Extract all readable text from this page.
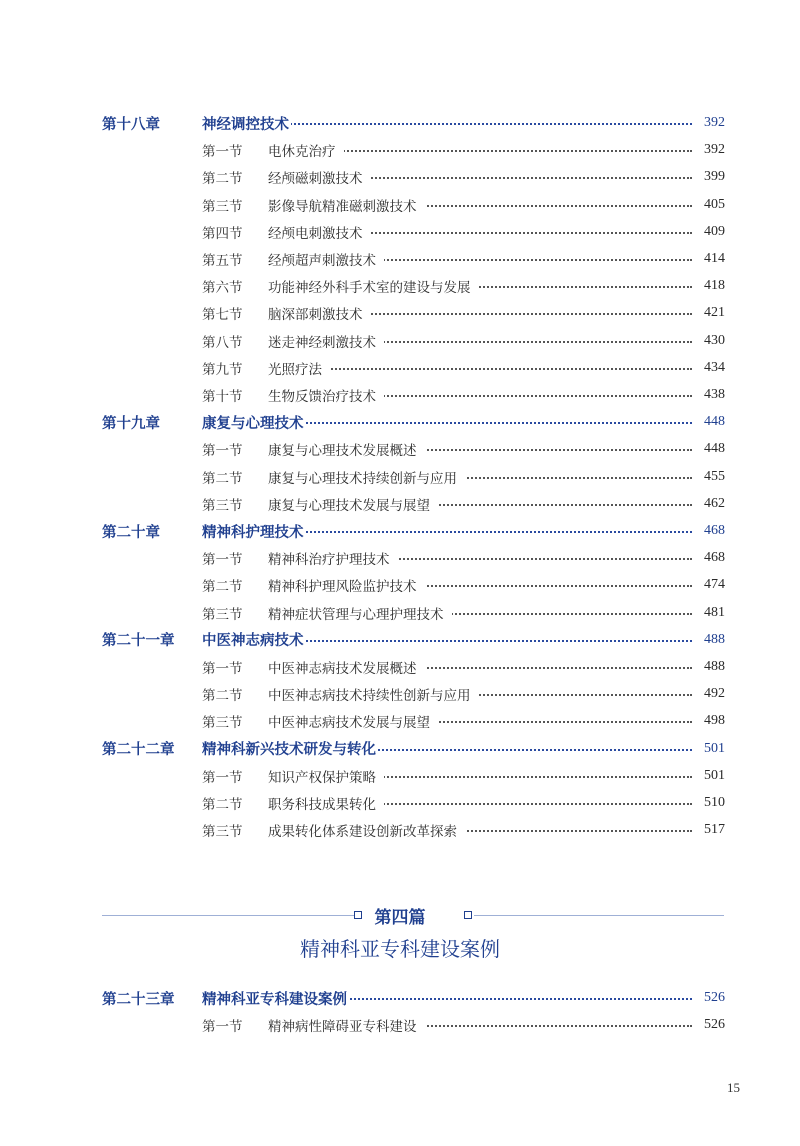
第十八章	神经调控技术	392
第一节 电休克治疗	392
第二节 经颅磁刺激技术	399
第三节 影像导航精准磁刺激技术	405
第四节 经颅电刺激技术	409
第五节 经颅超声刺激技术	414
第六节 功能神经外科手术室的建设与发展	418
第七节 脑深部刺激技术	421
第八节 迷走神经刺激技术	430
第九节 光照疗法	434
第十节 生物反馈治疗技术	438
第十九章	康复与心理技术	448
第一节 康复与心理技术发展概述	448
第二节 康复与心理技术持续创新与应用	455
第三节 康复与心理技术发展与展望	462
第二十章	精神科护理技术	468
第一节 精神科治疗护理技术	468
第二节 精神科护理风险监护技术	474
第三节 精神症状管理与心理护理技术	481
第二十一章 中医神志病技术	488
第一节 中医神志病技术发展概述	488
第二节 中医神志病技术持续性创新与应用	492
第三节 中医神志病技术发展与展望	498
第二十二章 精神科新兴技术研发与转化	501
第一节 知识产权保护策略	501
第二节 职务科技成果转化	510
第三节 成果转化体系建设创新改革探索	517
第四篇
精神科亚专科建设案例
第二十三章 精神科亚专科建设案例	526
第一节 精神病性障碍亚专科建设	526
15
